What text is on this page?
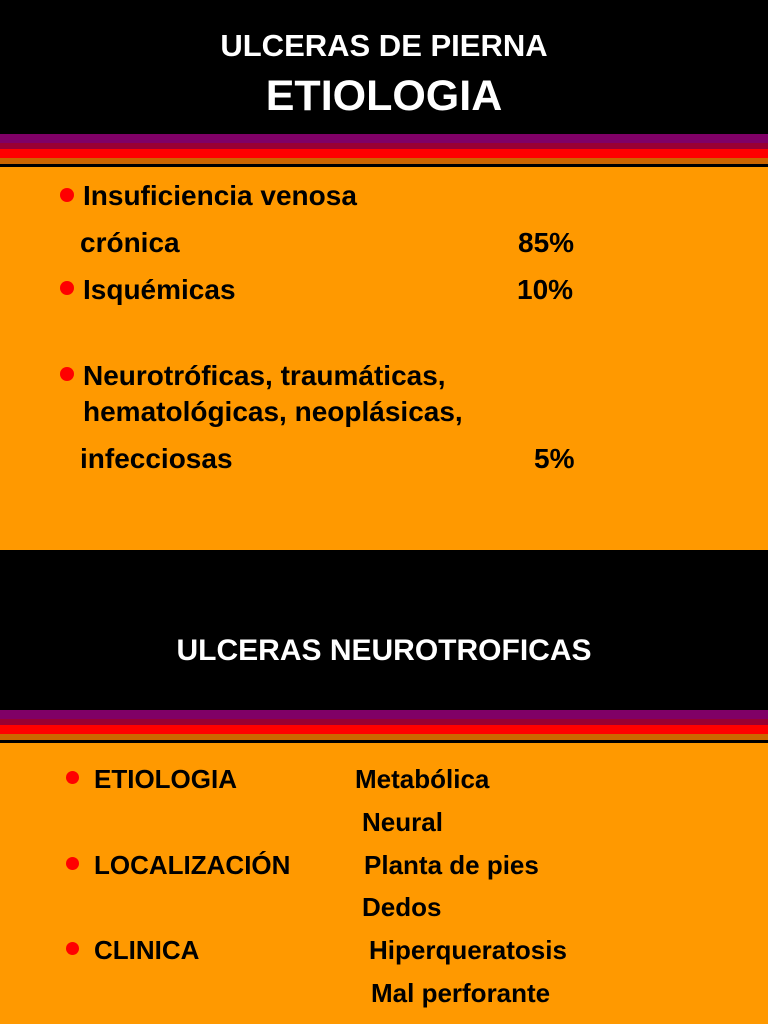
ULCERAS DE PIERNA
ETIOLOGIA
Insuficiencia venosa
crónica	85%
Isquémicas	10%
Neurotróficas, traumáticas,
hematológicas, neoplásicas,
infecciosas	5%
ULCERAS NEUROTROFICAS
ETIOLOGIA	Metabólica
Neural
LOCALIZACIÓN	Planta de pies
Dedos
CLINICA	Hiperqueratosis
Mal perforante
